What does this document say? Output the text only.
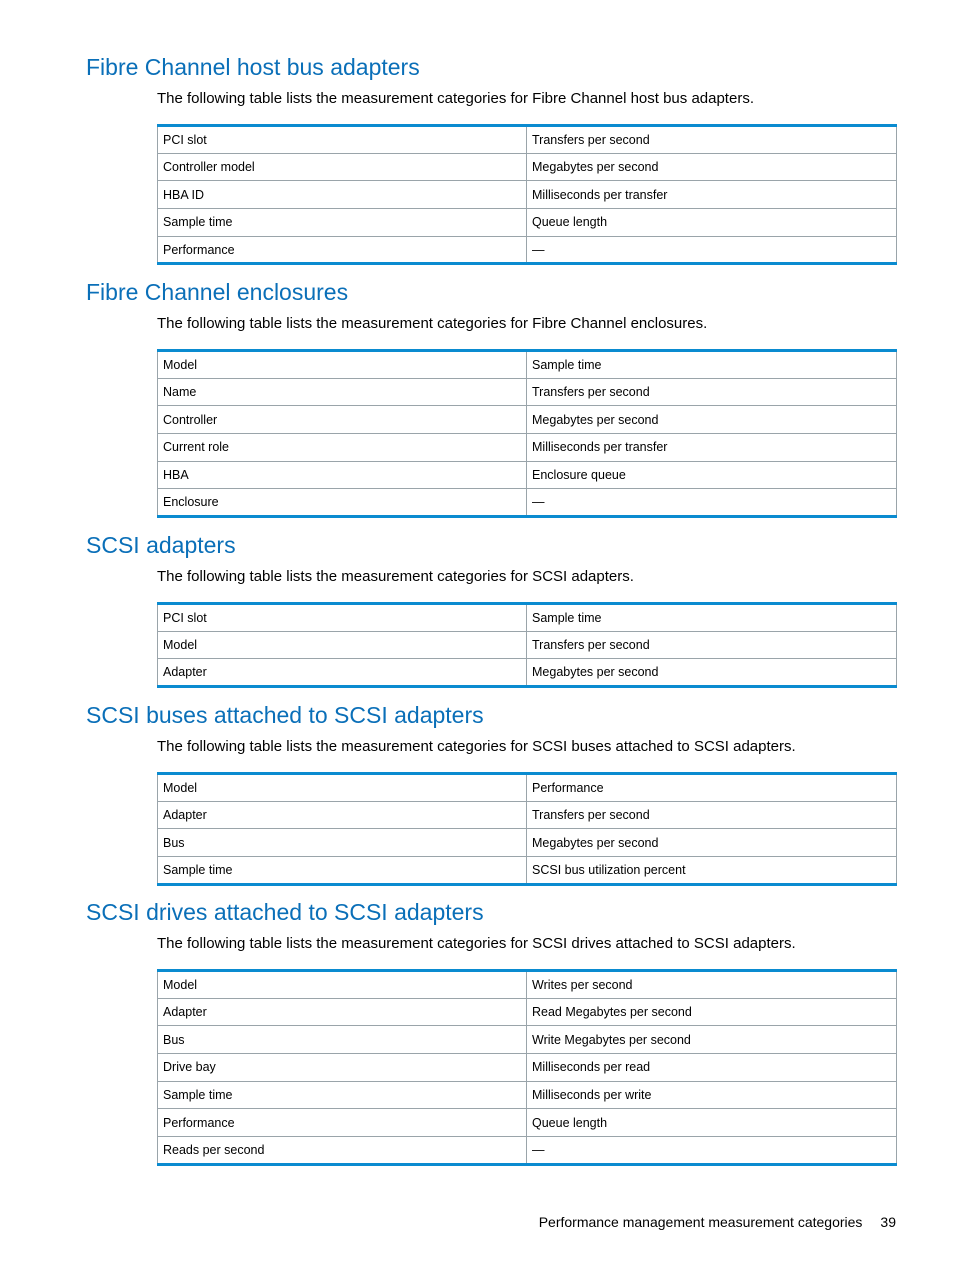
Fibre Channel host bus adapters

The following table lists the measurement categories for Fibre Channel host bus adapters.

PCI slot	Transfers per second
Controller model	Megabytes per second
HBA ID	Milliseconds per transfer
Sample time	Queue length
Performance	—
Fibre Channel enclosures

The following table lists the measurement categories for Fibre Channel enclosures.

Model	Sample time
Name	Transfers per second
Controller	Megabytes per second
Current role	Milliseconds per transfer
HBA	Enclosure queue
Enclosure	—
SCSI adapters

The following table lists the measurement categories for SCSI adapters.

PCI slot	Sample time
Model	Transfers per second
Adapter	Megabytes per second
SCSI buses attached to SCSI adapters

The following table lists the measurement categories for SCSI buses attached to SCSI adapters.

Model	Performance
Adapter	Transfers per second
Bus	Megabytes per second
Sample time	SCSI bus utilization percent
SCSI drives attached to SCSI adapters

The following table lists the measurement categories for SCSI drives attached to SCSI adapters.

Model	Writes per second
Adapter	Read Megabytes per second
Bus	Write Megabytes per second
Drive bay	Milliseconds per read
Sample time	Milliseconds per write
Performance	Queue length
Reads per second	—
Performance management measurement categories 39
